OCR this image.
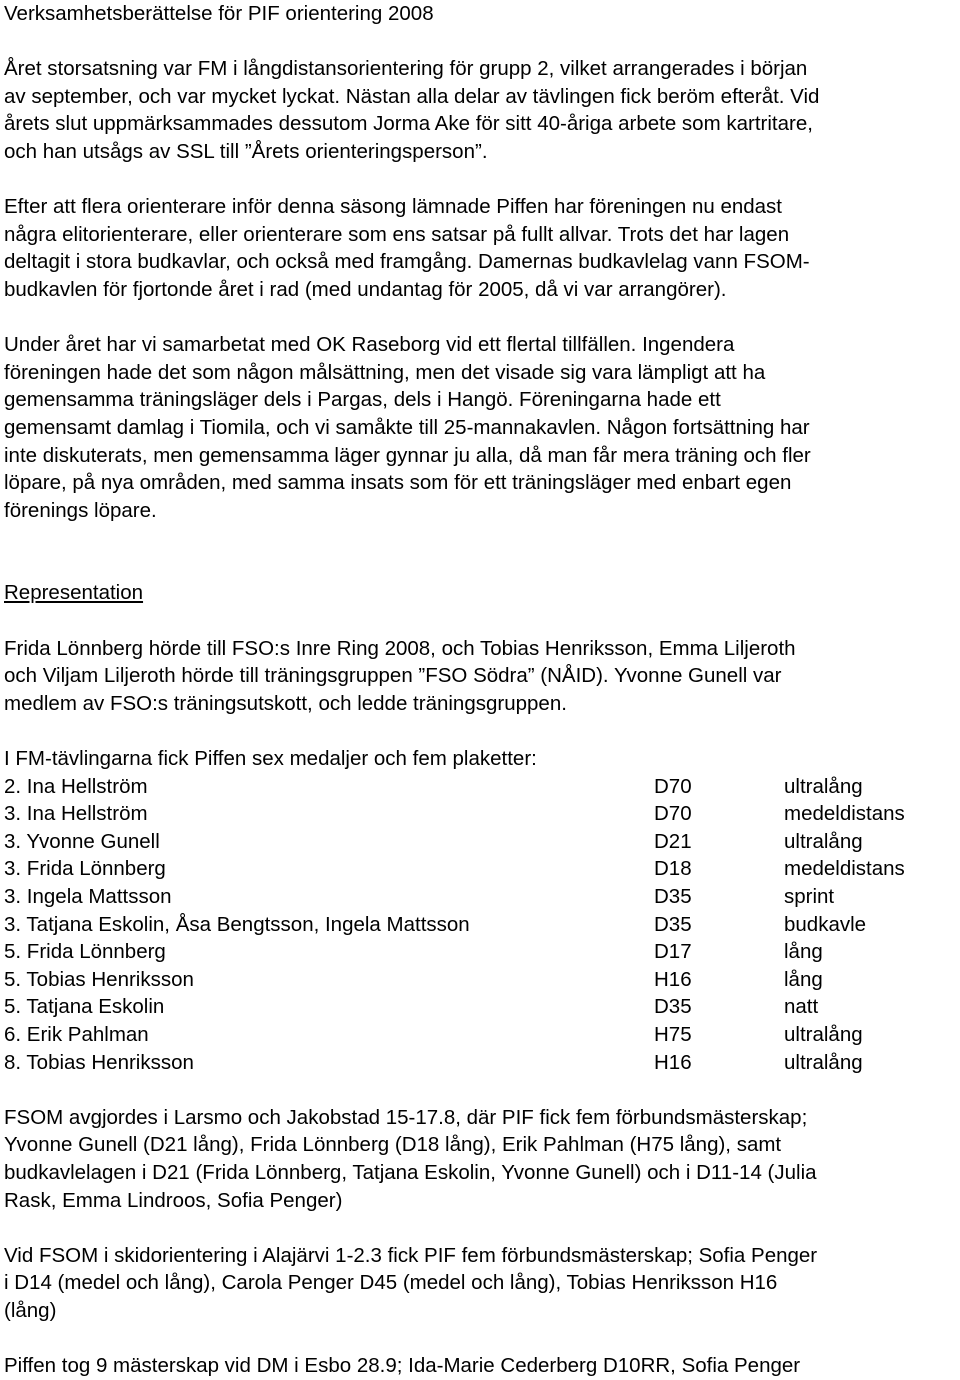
Verksamhetsberättelse för PIF orientering 2008

Året storsatsning var FM i långdistansorientering för grupp 2, vilket arrangerades i början
av september, och var mycket lyckat. Nästan alla delar av tävlingen fick beröm efteråt. Vid
årets slut uppmärksammades dessutom Jorma Ake för sitt 40-åriga arbete som kartritare,
och han utsågs av SSL till ”Årets orienteringsperson”.

Efter att flera orienterare inför denna säsong lämnade Piffen har föreningen nu endast
några elitorienterare, eller orienterare som ens satsar på fullt allvar. Trots det har lagen
deltagit i stora budkavlar, och också med framgång. Damernas budkavlelag vann FSOM-
budkavlen för fjortonde året i rad (med undantag för 2005, då vi var arrangörer).

Under året har vi samarbetat med OK Raseborg vid ett flertal tillfällen. Ingendera
föreningen hade det som någon målsättning, men det visade sig vara lämpligt att ha
gemensamma träningsläger dels i Pargas, dels i Hangö. Föreningarna hade ett
gemensamt damlag i Tiomila, och vi samåkte till 25-mannakavlen. Någon fortsättning har
inte diskuterats, men gemensamma läger gynnar ju alla, då man får mera träning och fler
löpare, på nya områden, med samma insats som för ett träningsläger med enbart egen
förenings löpare.

Representation

Frida Lönnberg hörde till FSO:s Inre Ring 2008, och Tobias Henriksson, Emma Liljeroth
och Viljam Liljeroth hörde till träningsgruppen ”FSO Södra” (NÅID). Yvonne Gunell var
medlem av FSO:s träningsutskott, och ledde träningsgruppen.

I FM-tävlingarna fick Piffen sex medaljer och fem plaketter:

2. Ina Hellström	D70	ultralång
3. Ina Hellström	D70	medeldistans
3. Yvonne Gunell	D21	ultralång
3. Frida Lönnberg	D18	medeldistans
3. Ingela Mattsson	D35	sprint
3. Tatjana Eskolin, Åsa Bengtsson, Ingela Mattsson	D35	budkavle
5. Frida Lönnberg	D17	lång
5. Tobias Henriksson	H16	lång
5. Tatjana Eskolin	D35	natt
6. Erik Pahlman	H75	ultralång
8. Tobias Henriksson	H16	ultralång

FSOM avgjordes i Larsmo och Jakobstad 15-17.8, där PIF fick fem förbundsmästerskap;
Yvonne Gunell (D21 lång), Frida Lönnberg (D18 lång), Erik Pahlman (H75 lång), samt
budkavlelagen i D21 (Frida Lönnberg, Tatjana Eskolin, Yvonne Gunell) och i D11-14 (Julia
Rask, Emma Lindroos, Sofia Penger)

Vid FSOM i skidorientering i Alajärvi 1-2.3 fick PIF fem förbundsmästerskap; Sofia Penger
i D14 (medel och lång), Carola Penger D45 (medel och lång), Tobias Henriksson H16
(lång)

Piffen tog 9 mästerskap vid DM i Esbo 28.9; Ida-Marie Cederberg D10RR, Sofia Penger
